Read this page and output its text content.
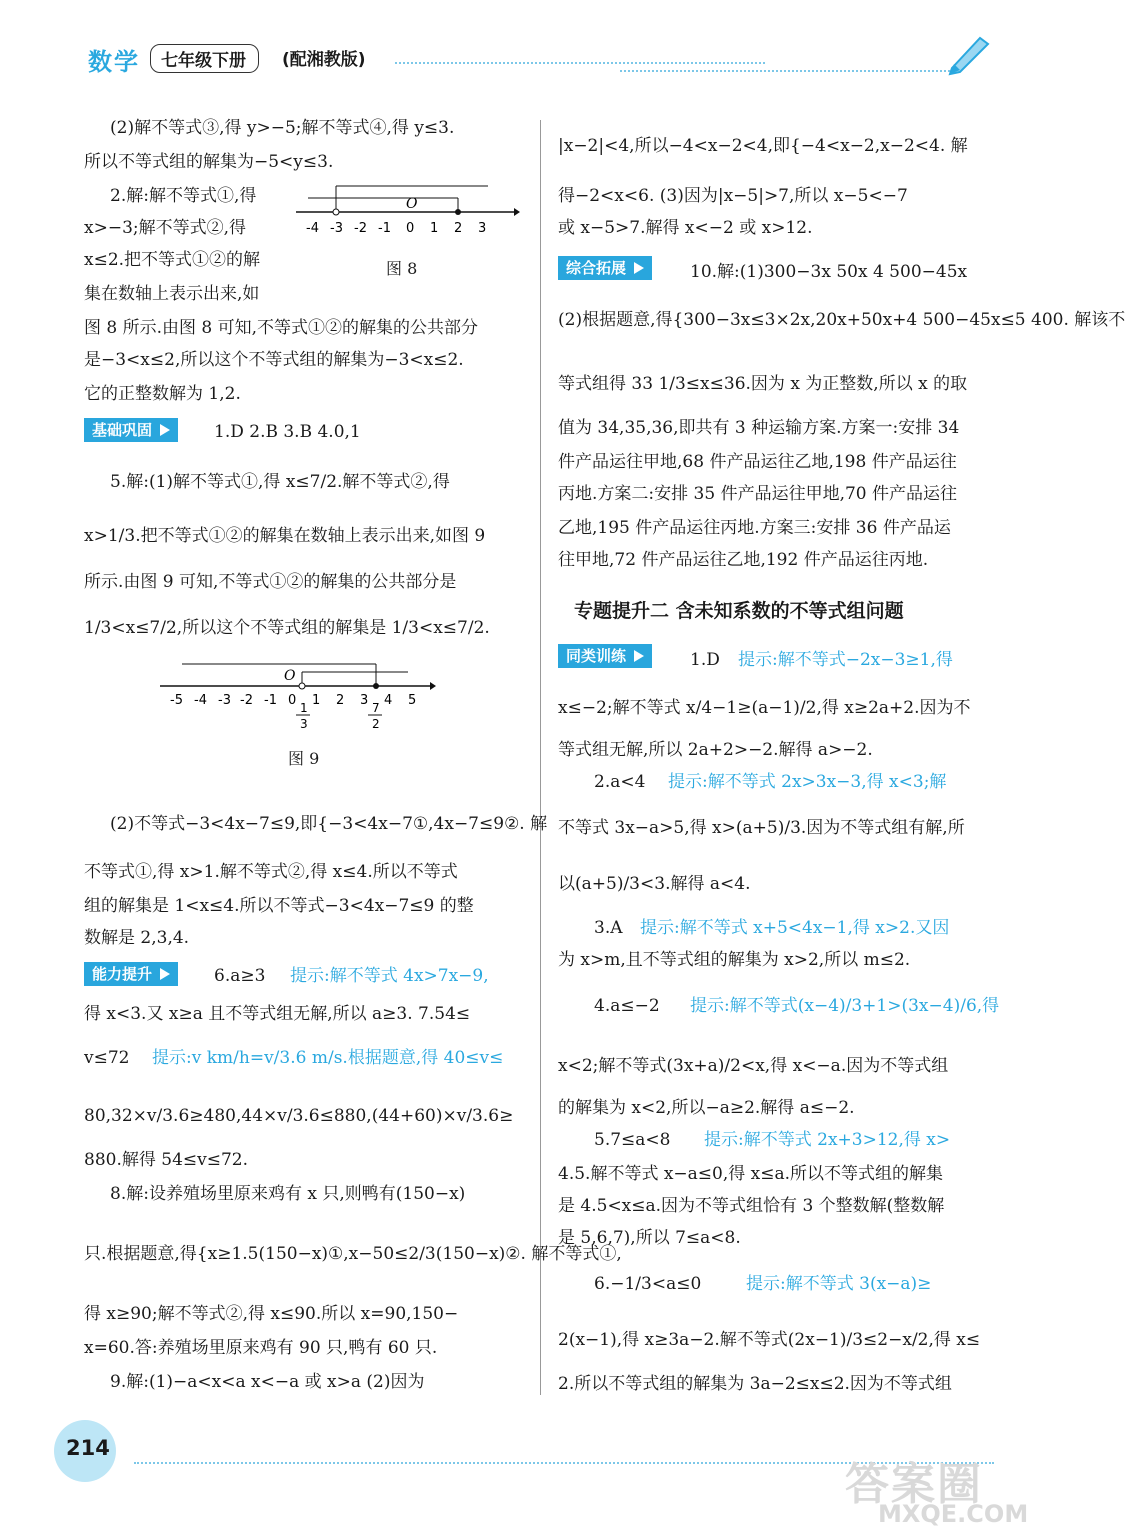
数学	七年级下册	(配湘教版)
(2)解不等式③,得 y>−5;解不等式④,得 y≤3.
所以不等式组的解集为−5<y≤3.
2.解:解不等式①,得
x>−3;解不等式②,得
x≤2.把不等式①②的解
集在数轴上表示出来,如
图 8 所示.由图 8 可知,不等式①②的解集的公共部分
是−3<x≤2,所以这个不等式组的解集为−3<x≤2.
它的正整数解为 1,2.
O
-4 -3 -2 -1 0 1 2 3
图 8
基础巩固	1.D 2.B 3.B 4.0,1
5.解:(1)解不等式①,得 x≤7/2.解不等式②,得
x>1/3.把不等式①②的解集在数轴上表示出来,如图 9
所示.由图 9 可知,不等式①②的解集的公共部分是
1/3<x≤7/2,所以这个不等式组的解集是 1/3<x≤7/2.
O
-5 -4 -3 -2 -1 0 1 2 3 4 5
1
3
7
2
图 9
(2)不等式−3<4x−7≤9,即{−3<4x−7①,4x−7≤9②. 解
不等式①,得 x>1.解不等式②,得 x≤4.所以不等式
组的解集是 1<x≤4.所以不等式−3<4x−7≤9 的整
数解是 2,3,4.
能力提升	6.a≥3 提示:解不等式 4x>7x−9,
得 x<3.又 x≥a 且不等式组无解,所以 a≥3. 7.54≤
v≤72 提示:v km/h=v/3.6 m/s.根据题意,得 40≤v≤
80,32×v/3.6≥480,44×v/3.6≤880,(44+60)×v/3.6≥
880.解得 54≤v≤72.
8.解:设养殖场里原来鸡有 x 只,则鸭有(150−x)
只.根据题意,得{x≥1.5(150−x)①,x−50≤2/3(150−x)②. 解不等式①,
得 x≥90;解不等式②,得 x≤90.所以 x=90,150−
x=60.答:养殖场里原来鸡有 90 只,鸭有 60 只.
9.解:(1)−a<x<a x<−a 或 x>a (2)因为
|x−2|<4,所以−4<x−2<4,即{−4<x−2,x−2<4. 解
得−2<x<6. (3)因为|x−5|>7,所以 x−5<−7
或 x−5>7.解得 x<−2 或 x>12.
综合拓展	10.解:(1)300−3x 50x 4 500−45x
(2)根据题意,得{300−3x≤3×2x,20x+50x+4 500−45x≤5 400. 解该不
等式组得 33 1/3≤x≤36.因为 x 为正整数,所以 x 的取
值为 34,35,36,即共有 3 种运输方案.方案一:安排 34
件产品运往甲地,68 件产品运往乙地,198 件产品运往
丙地.方案二:安排 35 件产品运往甲地,70 件产品运往
乙地,195 件产品运往丙地.方案三:安排 36 件产品运
往甲地,72 件产品运往乙地,192 件产品运往丙地.
专题提升二 含未知系数的不等式组问题
同类训练	1.D 提示:解不等式−2x−3≥1,得
x≤−2;解不等式 x/4−1≥(a−1)/2,得 x≥2a+2.因为不
等式组无解,所以 2a+2>−2.解得 a>−2.
2.a<4 提示:解不等式 2x>3x−3,得 x<3;解
不等式 3x−a>5,得 x>(a+5)/3.因为不等式组有解,所
以(a+5)/3<3.解得 a<4.
3.A 提示:解不等式 x+5<4x−1,得 x>2.又因
为 x>m,且不等式组的解集为 x>2,所以 m≤2.
4.a≤−2 提示:解不等式(x−4)/3+1>(3x−4)/6,得
x<2;解不等式(3x+a)/2<x,得 x<−a.因为不等式组
的解集为 x<2,所以−a≥2.解得 a≤−2.
5.7≤a<8 提示:解不等式 2x+3>12,得 x>
4.5.解不等式 x−a≤0,得 x≤a.所以不等式组的解集
是 4.5<x≤a.因为不等式组恰有 3 个整数解(整数解
是 5,6,7),所以 7≤a<8.
6.−1/3<a≤0	提示:解不等式 3(x−a)≥
2(x−1),得 x≥3a−2.解不等式(2x−1)/3≤2−x/2,得 x≤
2.所以不等式组的解集为 3a−2≤x≤2.因为不等式组
214
答案圈
MXQE.COM
